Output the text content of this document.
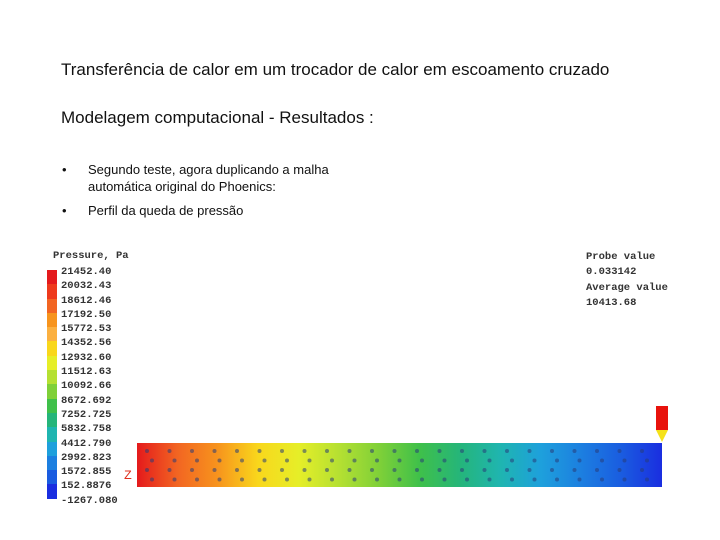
Transferência de calor em um trocador de calor em escoamento cruzado
Modelagem computacional - Resultados :
• Segundo teste, agora duplicando a malha automática original do Phoenics:
• Perfil da queda de pressão
Pressure, Pa
21452.40
20032.43
18612.46
17192.50
15772.53
14352.56
12932.60
11512.63
10092.66
8672.692
7252.725
5832.758
4412.790
2992.823
1572.855
152.8876
-1267.080
Probe value
0.033142
Average value
10413.68
Z
